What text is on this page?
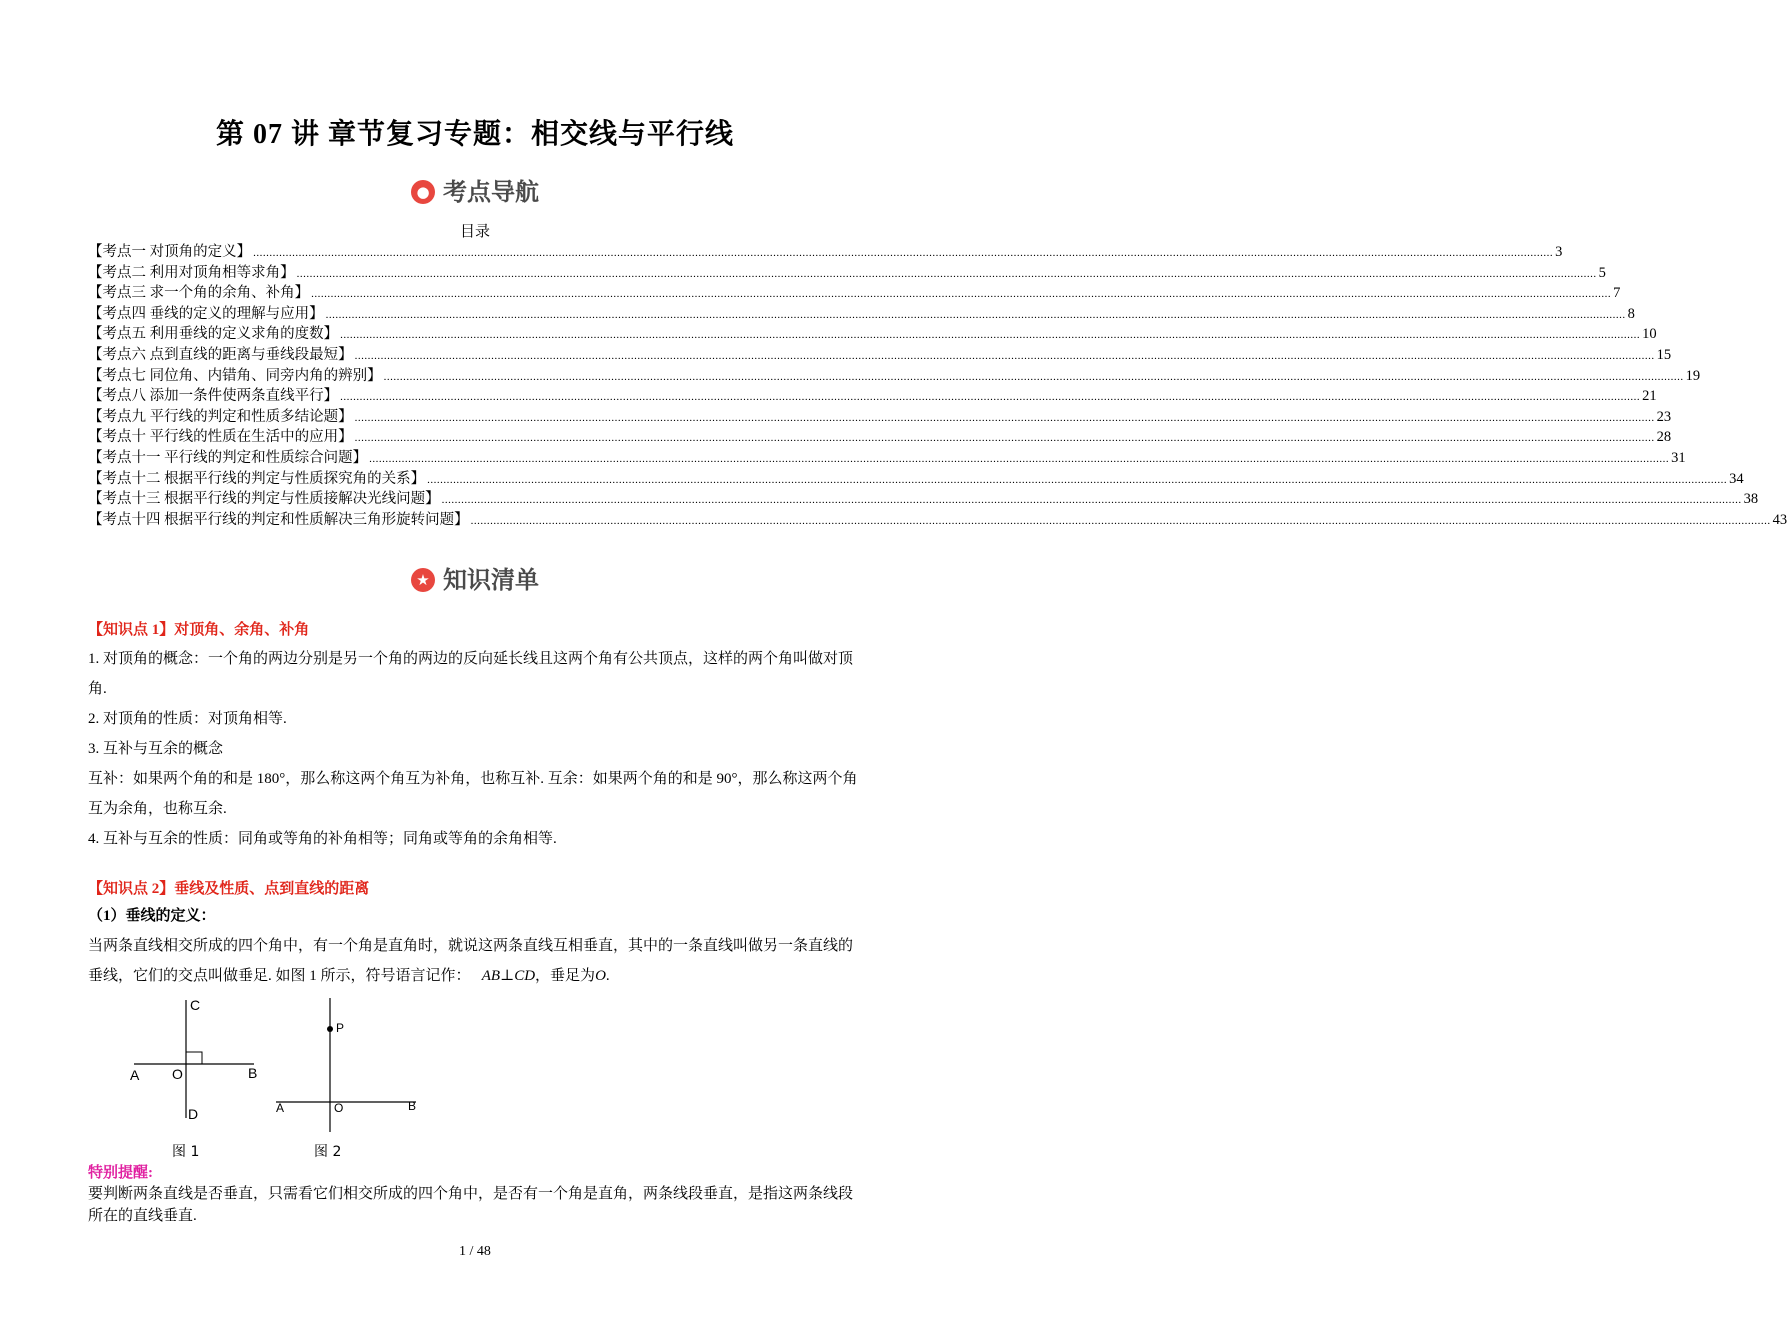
第 07 讲 章节复习专题：相交线与平行线
● 考点导航
目录
【考点一 对顶角的定义】 ................................................................................................................................................................................................................................................................................................................................................................................................................ 3
【考点二 利用对顶角相等求角】 ................................................................................................................................................................................................................................................................................................................................................................................................................ 5
【考点三 求一个角的余角、补角】 ................................................................................................................................................................................................................................................................................................................................................................................................................ 7
【考点四 垂线的定义的理解与应用】 ................................................................................................................................................................................................................................................................................................................................................................................................................ 8
【考点五 利用垂线的定义求角的度数】 ................................................................................................................................................................................................................................................................................................................................................................................................................ 10
【考点六 点到直线的距离与垂线段最短】 ................................................................................................................................................................................................................................................................................................................................................................................................................ 15
【考点七 同位角、内错角、同旁内角的辨别】 ................................................................................................................................................................................................................................................................................................................................................................................................................ 19
【考点八 添加一条件使两条直线平行】 ................................................................................................................................................................................................................................................................................................................................................................................................................ 21
【考点九 平行线的判定和性质多结论题】 ................................................................................................................................................................................................................................................................................................................................................................................................................ 23
【考点十 平行线的性质在生活中的应用】 ................................................................................................................................................................................................................................................................................................................................................................................................................ 28
【考点十一 平行线的判定和性质综合问题】 ................................................................................................................................................................................................................................................................................................................................................................................................................ 31
【考点十二 根据平行线的判定与性质探究角的关系】 ................................................................................................................................................................................................................................................................................................................................................................................................................ 34
【考点十三 根据平行线的判定与性质接解决光线问题】 ................................................................................................................................................................................................................................................................................................................................................................................................................ 38
【考点十四 根据平行线的判定和性质解决三角形旋转问题】 ................................................................................................................................................................................................................................................................................................................................................................................................................ 43
★ 知识清单
【知识点 1】对顶角、余角、补角
1. 对顶角的概念：一个角的两边分别是另一个角的两边的反向延长线且这两个角有公共顶点，这样的两个角叫做对顶角.
2. 对顶角的性质：对顶角相等.
3. 互补与互余的概念
互补：如果两个角的和是 180°，那么称这两个角互为补角，也称互补. 互余：如果两个角的和是 90°，那么称这两个角互为余角，也称互余.
4. 互补与互余的性质：同角或等角的补角相等；同角或等角的余角相等.
【知识点 2】垂线及性质、点到直线的距离
（1）垂线的定义：
当两条直线相交所成的四个角中，有一个角是直角时，就说这两条直线互相垂直，其中的一条直线叫做另一条直线的垂线，它们的交点叫做垂足. 如图 1 所示，符号语言记作： AB⊥CD，垂足为O.
A O	B
C
D
图 1
P
A	O	B
图 2
特别提醒:
要判断两条直线是否垂直，只需看它们相交所成的四个角中，是否有一个角是直角，两条线段垂直，是指这两条线段所在的直线垂直.
1 / 48
